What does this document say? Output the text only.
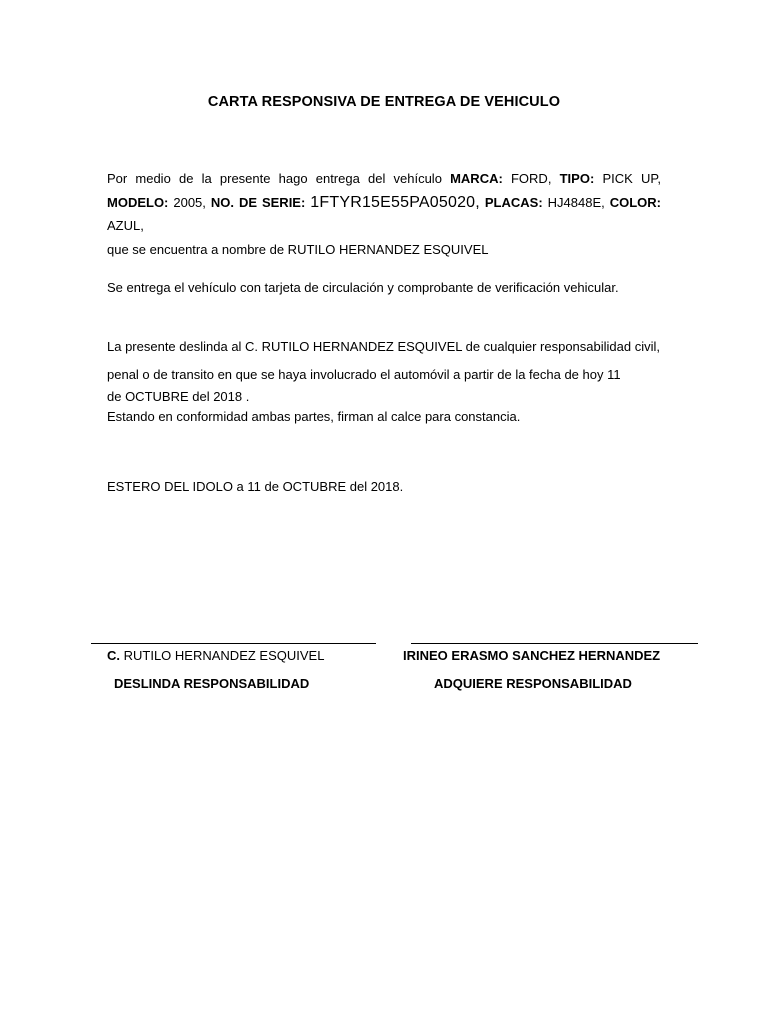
CARTA RESPONSIVA DE ENTREGA DE VEHICULO
Por medio de la presente hago entrega del vehículo MARCA: FORD, TIPO: PICK UP,
MODELO: 2005, NO. DE SERIE: 1FTYR15E55PA05020, PLACAS: HJ4848E, COLOR: AZUL,
que se encuentra a nombre de RUTILO HERNANDEZ ESQUIVEL
Se entrega el vehículo con tarjeta de circulación y comprobante de verificación vehicular.
La presente deslinda al C. RUTILO HERNANDEZ ESQUIVEL de cualquier responsabilidad civil,
penal o de transito en que se haya involucrado el automóvil a partir de la fecha de hoy 11
de OCTUBRE del 2018 .
Estando en conformidad ambas partes, firman al calce para constancia.
ESTERO DEL IDOLO a 11 de OCTUBRE del 2018.
C. RUTILO HERNANDEZ ESQUIVEL	IRINEO ERASMO SANCHEZ HERNANDEZ
DESLINDA RESPONSABILIDAD	ADQUIERE RESPONSABILIDAD
